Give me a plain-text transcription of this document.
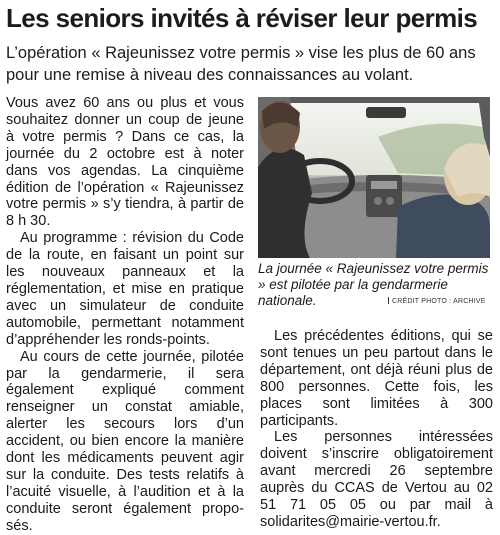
Les seniors invités à réviser leur permis

L’opération « Rajeunissez votre permis » vise les plus de 60 ans pour une remise à niveau des connaissances au volant.

Vous avez 60 ans ou plus et vous souhaitez donner un coup de jeune à votre permis ? Dans ce cas, la journée du 2 octobre est à noter dans vos agendas. La cinquième édition de l’opération « Rajeunissez votre permis » s’y tiendra, à partir de 8 h 30.

Au programme : révision du Code de la route, en faisant un point sur les nouveaux panneaux et la réglementation, et mise en pratique avec un simulateur de conduite automobile, permettant notamment d’appréhender les ronds-points.

Au cours de cette journée, pilotée par la gendarmerie, il sera également expliqué comment renseigner un constat amiable, alerter les secours lors d’un accident, ou bien encore la manière dont les médicaments peuvent agir sur la conduite. Des tests relatifs à l’acuité visuelle, à l’audition et à la conduite seront également proposés.

La journée « Rajeunissez votre permis » est pilotée par la gendarmerie nationale.	CRÉDIT PHOTO : ARCHIVE

Les précédentes éditions, qui se sont tenues un peu partout dans le département, ont déjà réuni plus de 800 personnes. Cette fois, les places sont limitées à 300 participants.

Les personnes intéressées doivent s’inscrire obligatoirement avant mercredi 26 septembre auprès du CCAS de Vertou au 02 51 71 05 05 ou par mail à solidarites@mairie-vertou.fr.
